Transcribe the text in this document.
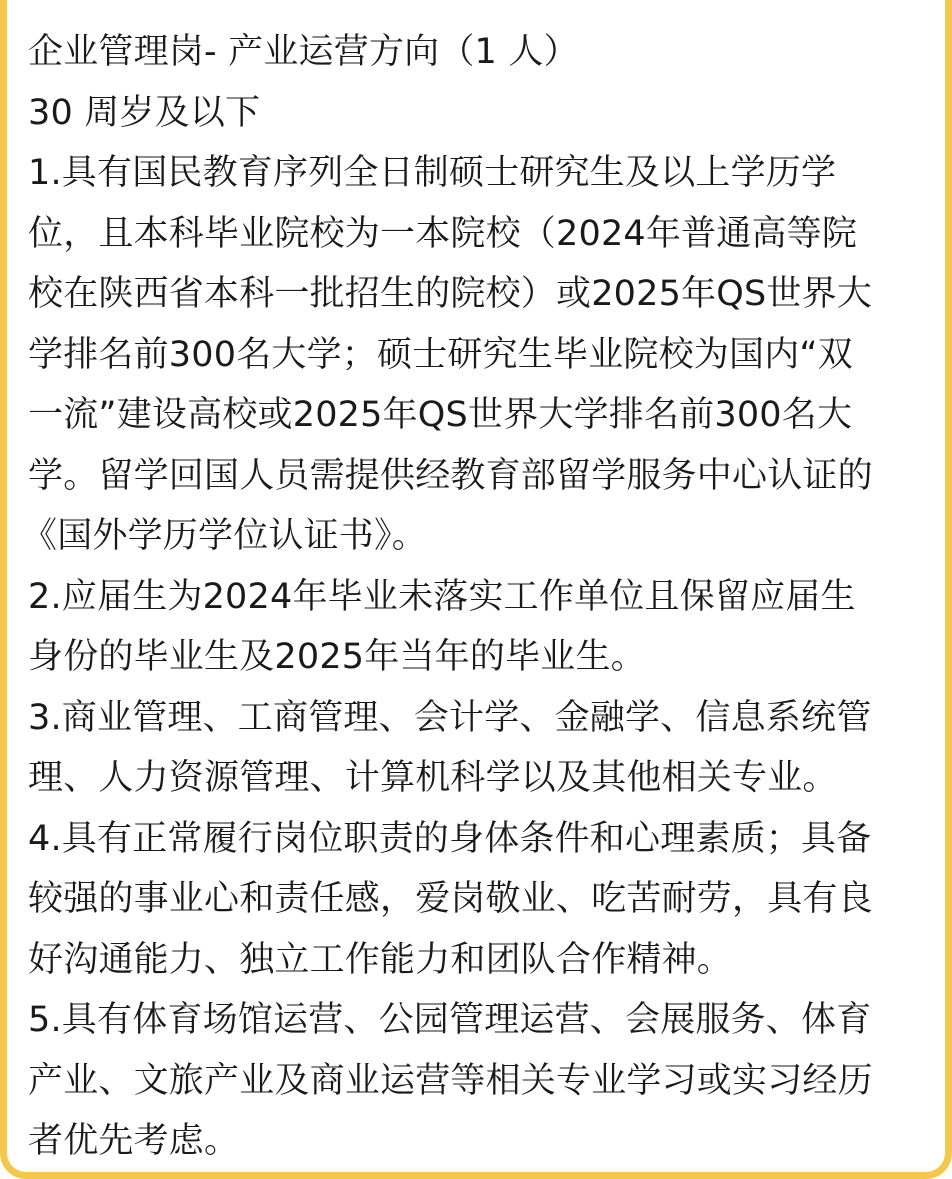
企业管理岗- 产业运营方向（1 人）
30 周岁及以下
1.具有国民教育序列全日制硕士研究生及以上学历学
位，且本科毕业院校为一本院校（2024年普通高等院
校在陕西省本科一批招生的院校）或2025年QS世界大
学排名前300名大学；硕士研究生毕业院校为国内“双
一流”建设高校或2025年QS世界大学排名前300名大
学。留学回国人员需提供经教育部留学服务中心认证的
《国外学历学位认证书》。
2.应届生为2024年毕业未落实工作单位且保留应届生
身份的毕业生及2025年当年的毕业生。
3.商业管理、工商管理、会计学、金融学、信息系统管
理、人力资源管理、计算机科学以及其他相关专业。
4.具有正常履行岗位职责的身体条件和心理素质；具备
较强的事业心和责任感，爱岗敬业、吃苦耐劳，具有良
好沟通能力、独立工作能力和团队合作精神。
5.具有体育场馆运营、公园管理运营、会展服务、体育
产业、文旅产业及商业运营等相关专业学习或实习经历
者优先考虑。
